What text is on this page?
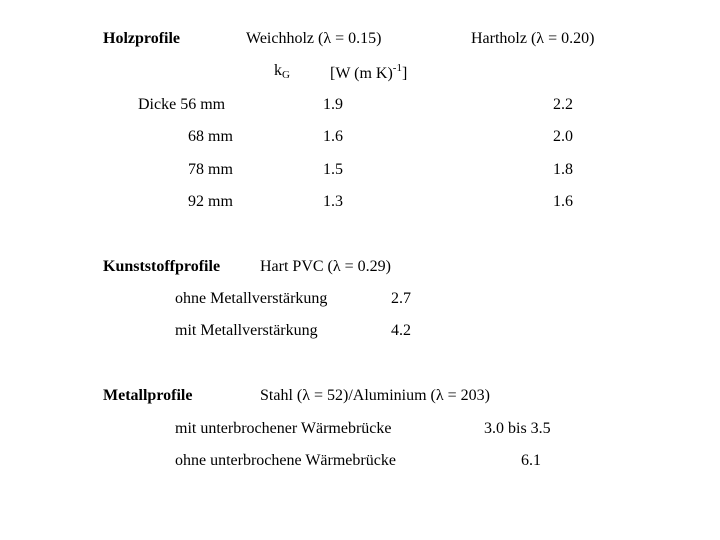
Holzprofile	Weichholz (λ = 0.15)	Hartholz (λ = 0.20)
$k_G$	[W (m K)$^{-1}$]
Dicke 56 mm	1.9	2.2
68 mm	1.6	2.0
78 mm	1.5	1.8
92 mm	1.3	1.6
Kunststoffprofile Hart PVC (λ = 0.29)
ohne Metallverstärkung	2.7
mit Metallverstärkung	4.2
Metallprofile	Stahl (λ = 52)/Aluminium (λ = 203)
mit unterbrochener Wärmebrücke	3.0 bis 3.5
ohne unterbrochene Wärmebrücke	6.1
